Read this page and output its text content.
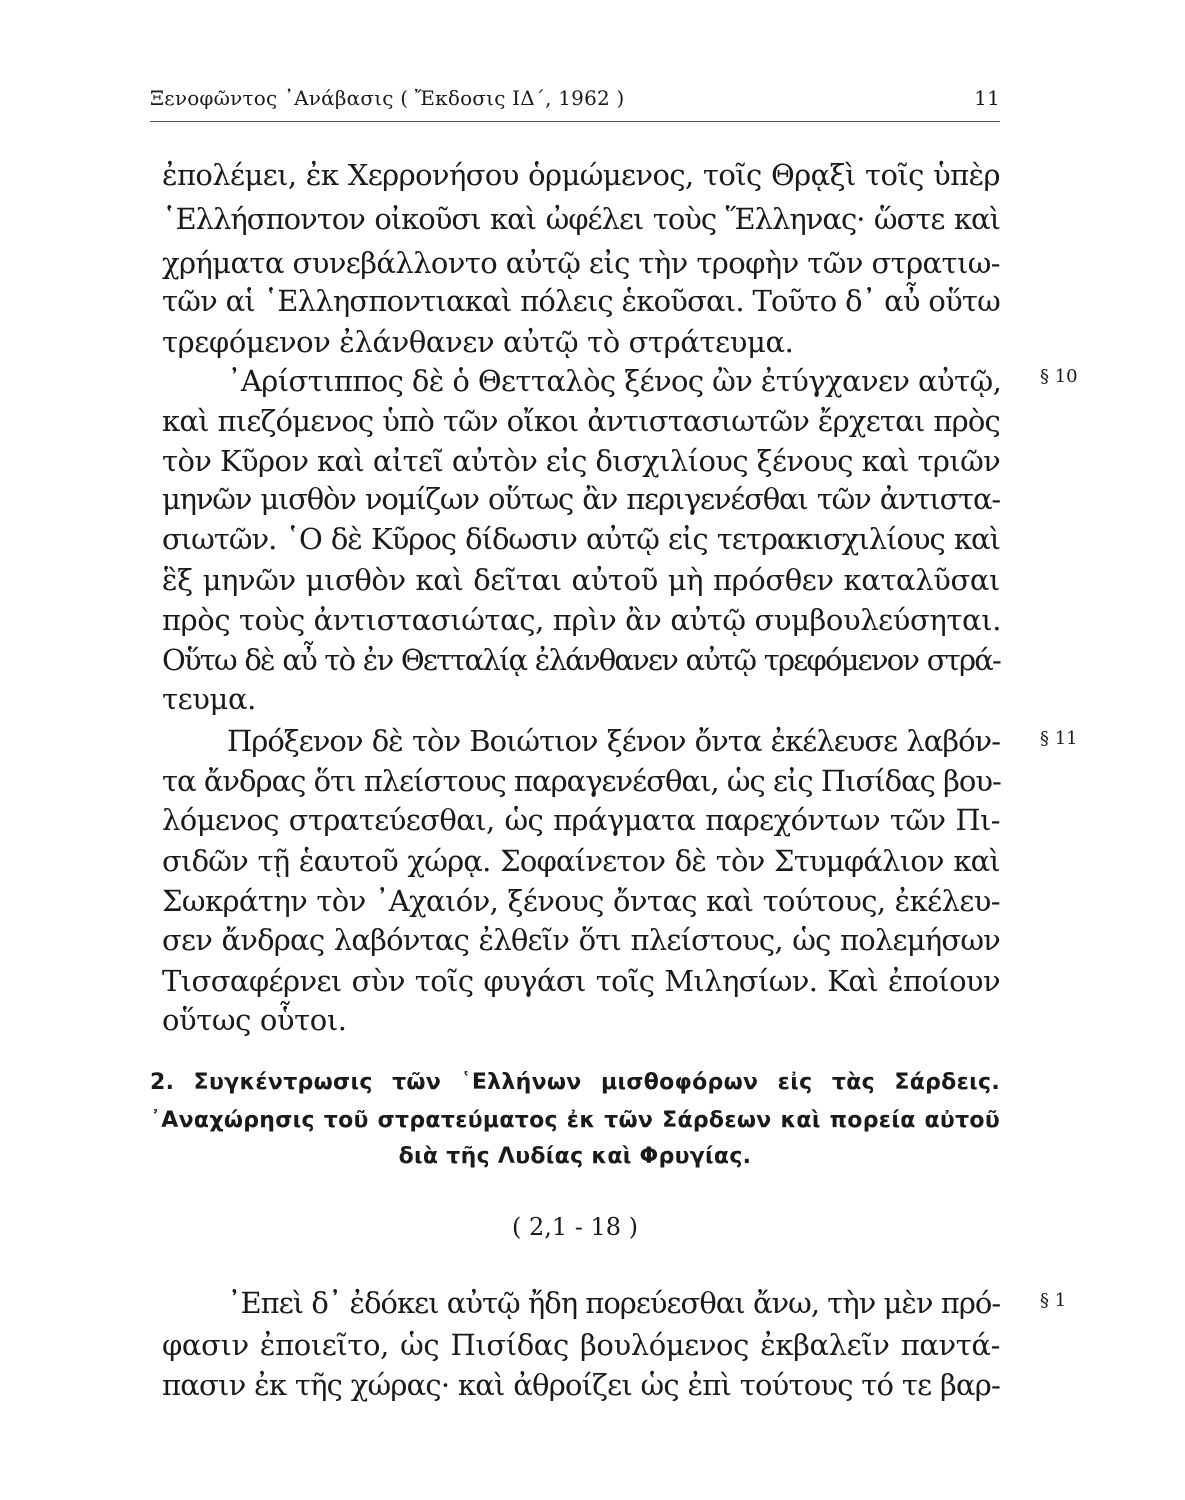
Ξενοφῶντος ᾿Ανάβασις ( Ἔκδοσις ΙΔ΄, 1962 )	11
ἐπολέμει, ἐκ Χερρονήσου ὁρμώμενος, τοῖς Θρᾳξὶ τοῖς ὑπὲρ
῾Ελλήσποντον οἰκοῦσι καὶ ὠφέλει τοὺς Ἕλληνας· ὥστε καὶ
χρήματα συνεβάλλοντο αὐτῷ εἰς τὴν τροφὴν τῶν στρατιω-
τῶν αἱ ῾Ελλησποντιακαὶ πόλεις ἑκοῦσαι. Τοῦτο δ᾿ αὖ οὕτω
τρεφόμενον ἐλάνθανεν αὐτῷ τὸ στράτευμα.
᾿Αρίστιππος δὲ ὁ Θετταλὸς ξένος ὢν ἐτύγχανεν αὐτῷ,
καὶ πιεζόμενος ὑπὸ τῶν οἴκοι ἀντιστασιωτῶν ἔρχεται πρὸς
τὸν Κῦρον καὶ αἰτεῖ αὐτὸν εἰς δισχιλίους ξένους καὶ τριῶν
μηνῶν μισθὸν νομίζων οὕτως ἂν περιγενέσθαι τῶν ἀντιστα-
σιωτῶν. ῾Ο δὲ Κῦρος δίδωσιν αὐτῷ εἰς τετρακισχιλίους καὶ
ἓξ μηνῶν μισθὸν καὶ δεῖται αὐτοῦ μὴ πρόσθεν καταλῦσαι
πρὸς τοὺς ἀντιστασιώτας, πρὶν ἂν αὐτῷ συμβουλεύσηται.
Οὕτω δὲ αὖ τὸ ἐν Θετταλίᾳ ἐλάνθανεν αὐτῷ τρεφόμενον στρά-
τευμα.
Πρόξενον δὲ τὸν Βοιώτιον ξένον ὄντα ἐκέλευσε λαβόν-
τα ἄνδρας ὅτι πλείστους παραγενέσθαι, ὡς εἰς Πισίδας βου-
λόμενος στρατεύεσθαι, ὡς πράγματα παρεχόντων τῶν Πι-
σιδῶν τῇ ἑαυτοῦ χώρᾳ. Σοφαίνετον δὲ τὸν Στυμφάλιον καὶ
Σωκράτην τὸν ᾿Αχαιόν, ξένους ὄντας καὶ τούτους, ἐκέλευ-
σεν ἄνδρας λαβόντας ἐλθεῖν ὅτι πλείστους, ὡς πολεμήσων
Τισσαφέρνει σὺν τοῖς φυγάσι τοῖς Μιλησίων. Καὶ ἐποίουν
οὕτως οὗτοι.
᾿Επεὶ δ᾿ ἐδόκει αὐτῷ ἤδη πορεύεσθαι ἄνω, τὴν μὲν πρό-
φασιν ἐποιεῖτο, ὡς Πισίδας βουλόμενος ἐκβαλεῖν παντά-
πασιν ἐκ τῆς χώρας· καὶ ἀθροίζει ὡς ἐπὶ τούτους τό τε βαρ-
§ 10
§ 11
§ 1
2. Συγκέντρωσις τῶν ῾Ελλήνων μισθοφόρων εἰς τὰς Σάρδεις.
᾿Αναχώρησις τοῦ στρατεύματος ἐκ τῶν Σάρδεων καὶ πορεία αὐτοῦ
διὰ τῆς Λυδίας καὶ Φρυγίας.
( 2,1 - 18 )
